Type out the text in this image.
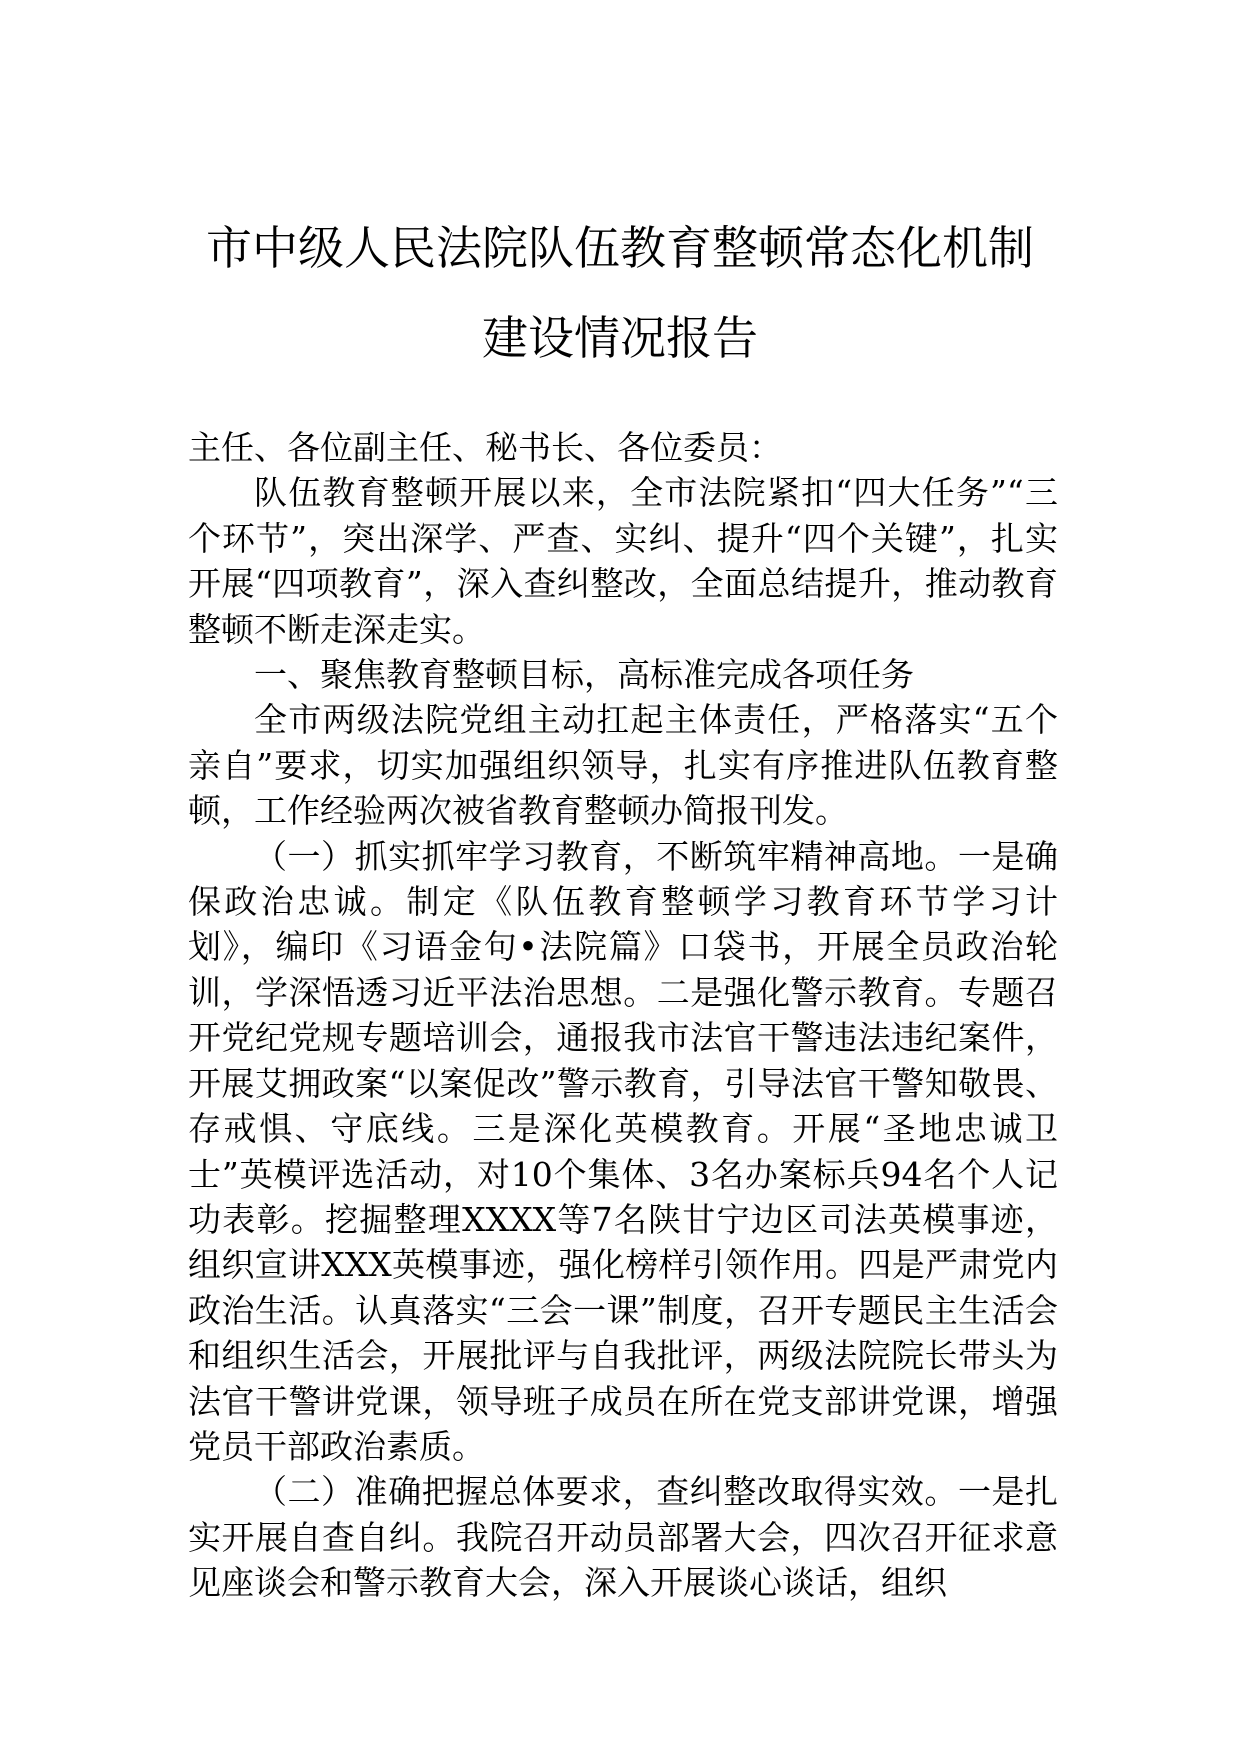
市中级人民法院队伍教育整顿常态化机制
建设情况报告

主任、各位副主任、秘书长、各位委员：

队伍教育整顿开展以来，全市法院紧扣“四大任务”“三个环节”，突出深学、严查、实纠、提升“四个关键”，扎实开展“四项教育”，深入查纠整改，全面总结提升，推动教育整顿不断走深走实。

一、聚焦教育整顿目标，高标准完成各项任务

全市两级法院党组主动扛起主体责任，严格落实“五个亲自”要求，切实加强组织领导，扎实有序推进队伍教育整顿，工作经验两次被省教育整顿办简报刊发。

（一）抓实抓牢学习教育，不断筑牢精神高地。一是确保政治忠诚。制定《队伍教育整顿学习教育环节学习计划》，编印《习语金句•法院篇》口袋书，开展全员政治轮训，学深悟透习近平法治思想。二是强化警示教育。专题召开党纪党规专题培训会，通报我市法官干警违法违纪案件，开展艾拥政案“以案促改”警示教育，引导法官干警知敬畏、存戒惧、守底线。三是深化英模教育。开展“圣地忠诚卫士”英模评选活动，对10个集体、3名办案标兵94名个人记功表彰。挖掘整理XXXX等7名陕甘宁边区司法英模事迹，组织宣讲XXX英模事迹，强化榜样引领作用。四是严肃党内政治生活。认真落实“三会一课”制度，召开专题民主生活会和组织生活会，开展批评与自我批评，两级法院院长带头为法官干警讲党课，领导班子成员在所在党支部讲党课，增强党员干部政治素质。

（二）准确把握总体要求，查纠整改取得实效。一是扎实开展自查自纠。我院召开动员部署大会，四次召开征求意见座谈会和警示教育大会，深入开展谈心谈话，组织
